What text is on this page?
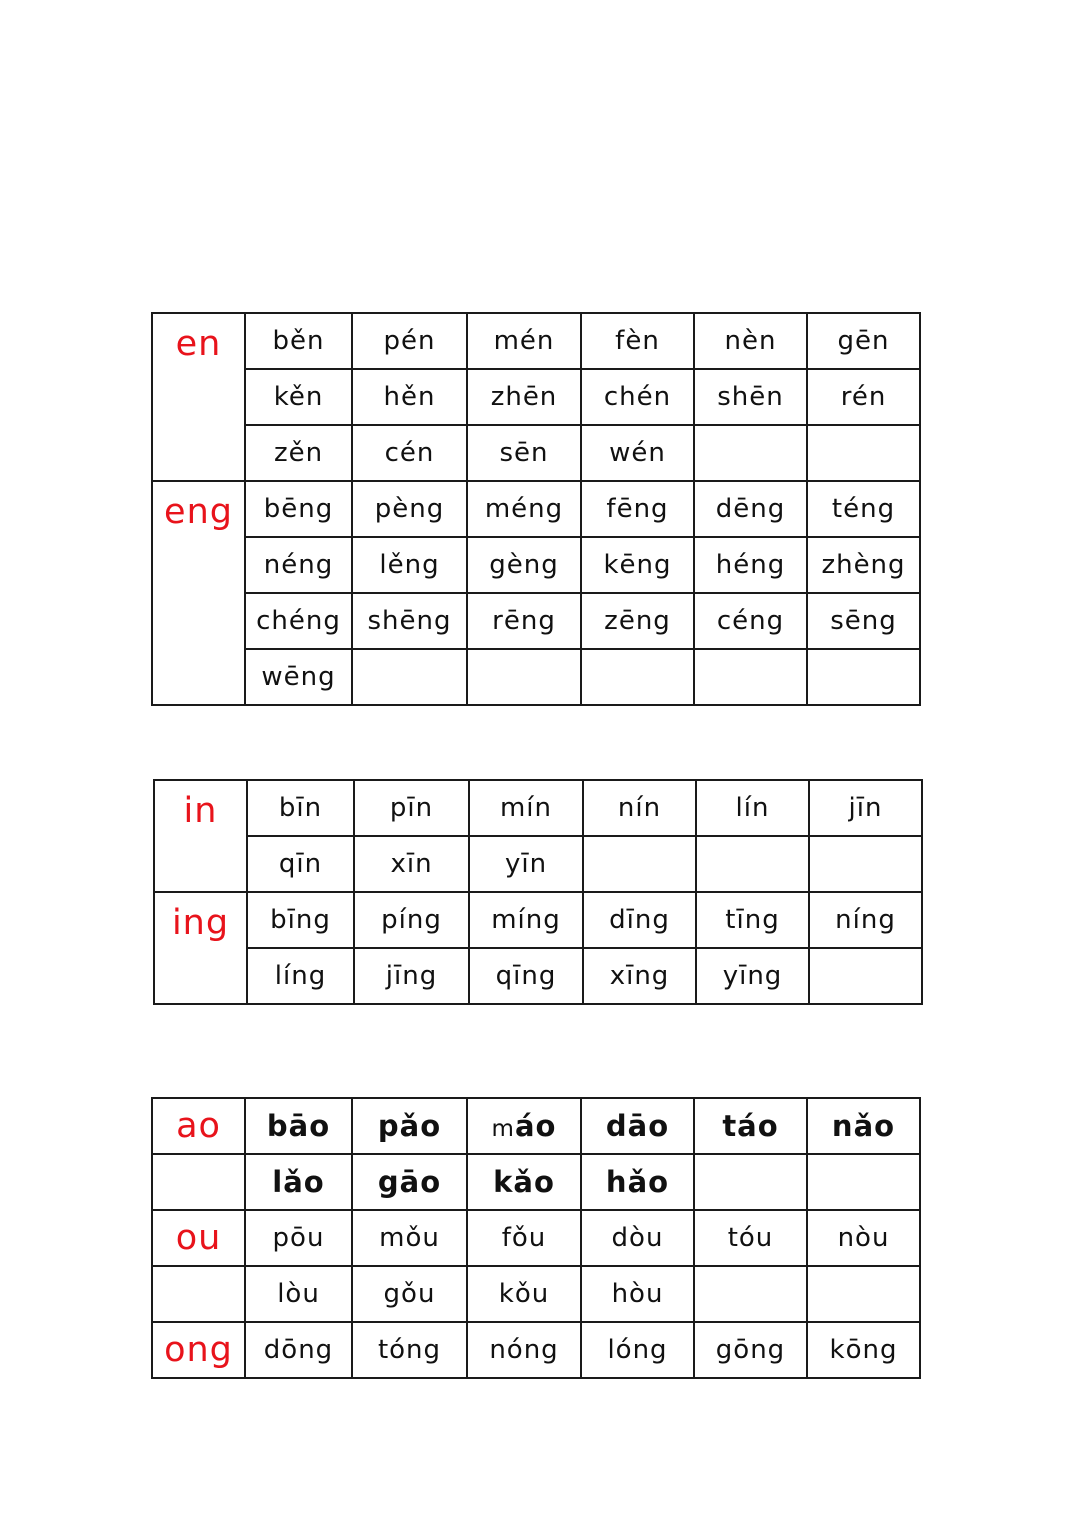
en	běn	pén	mén	fèn	nèn	gēn
	kěn	hěn	zhēn	chén	shēn	rén
	zěn	cén	sēn	wén		
eng	bēng	pèng	méng	fēng	dēng	téng
	néng	lěng	gèng	kēng	héng	zhèng
	chéng	shēng	rēng	zēng	céng	sēng
	wēng					
in	bīn	pīn	mín	nín	lín	jīn
	qīn	xīn	yīn			
ing	bīng	píng	míng	dīng	tīng	níng
	líng	jīng	qīng	xīng	yīng	
ao	bāo	pǎo	máo	dāo	táo	nǎo
	lǎo	gāo	kǎo	hǎo		
ou	pōu	mǒu	fǒu	dòu	tóu	nòu
	lòu	gǒu	kǒu	hòu		
ong	dōng	tóng	nóng	lóng	gōng	kōng
